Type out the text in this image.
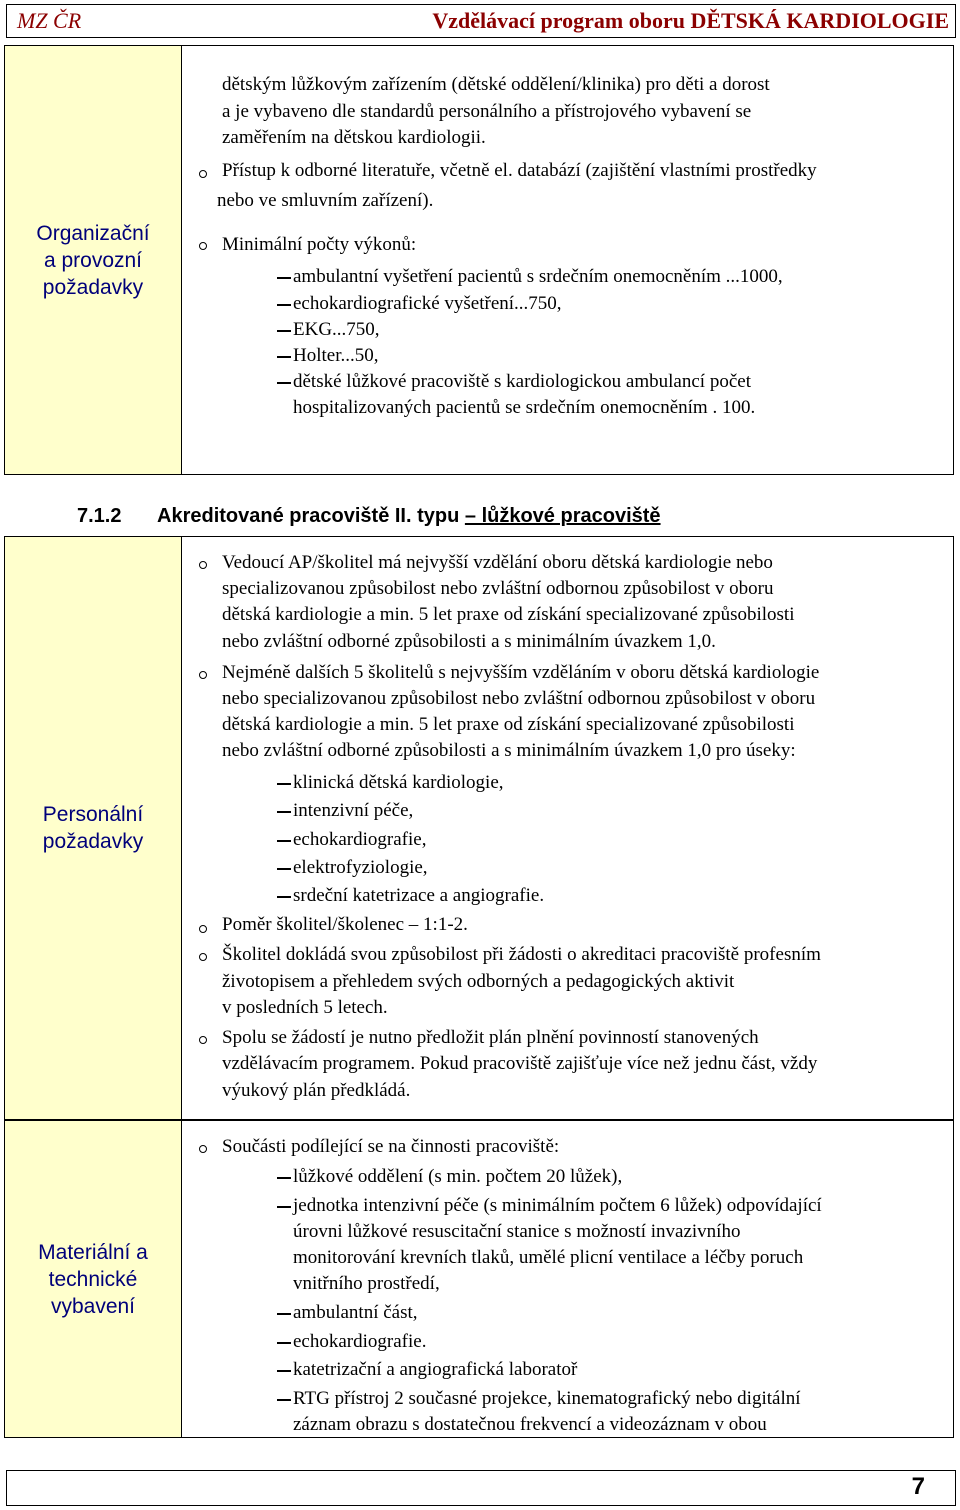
MZ ČR	Vzdělávací program oboru DĚTSKÁ KARDIOLOGIE
Organizační
a provozní
požadavky
dětským lůžkovým zařízením (dětské oddělení/klinika) pro děti a dorost
a je vybaveno dle standardů personálního a přístrojového vybavení se
zaměřením na dětskou kardiologii.
Přístup k odborné literatuře, včetně el. databází (zajištění vlastními prostředky
nebo ve smluvním zařízení).
Minimální počty výkonů:
ambulantní vyšetření pacientů s srdečním onemocněním ...1000,
echokardiografické vyšetření...750,
EKG...750,
Holter...50,
dětské lůžkové pracoviště s kardiologickou ambulancí počet
hospitalizovaných pacientů se srdečním onemocněním . 100.
7.1.2 Akreditované pracoviště II. typu – lůžkové pracoviště
Personální
požadavky
Vedoucí AP/školitel má nejvyšší vzdělání oboru dětská kardiologie nebo
specializovanou způsobilost nebo zvláštní odbornou způsobilost v oboru
dětská kardiologie a min. 5 let praxe od získání specializované způsobilosti
nebo zvláštní odborné způsobilosti a s minimálním úvazkem 1,0.
Nejméně dalších 5 školitelů s nejvyšším vzděláním v oboru dětská kardiologie
nebo specializovanou způsobilost nebo zvláštní odbornou způsobilost v oboru
dětská kardiologie a min. 5 let praxe od získání specializované způsobilosti
nebo zvláštní odborné způsobilosti a s minimálním úvazkem 1,0 pro úseky:
klinická dětská kardiologie,
intenzivní péče,
echokardiografie,
elektrofyziologie,
srdeční katetrizace a angiografie.
Poměr školitel/školenec – 1:1-2.
Školitel dokládá svou způsobilost při žádosti o akreditaci pracoviště profesním
životopisem a přehledem svých odborných a pedagogických aktivit
v posledních 5 letech.
Spolu se žádostí je nutno předložit plán plnění povinností stanovených
vzdělávacím programem. Pokud pracoviště zajišťuje více než jednu část, vždy
výukový plán předkládá.
Materiální a
technické
vybavení
Součásti podílející se na činnosti pracoviště:
lůžkové oddělení (s min. počtem 20 lůžek),
jednotka intenzivní péče (s minimálním počtem 6 lůžek) odpovídající
úrovni lůžkové resuscitační stanice s možností invazivního
monitorování krevních tlaků, umělé plicní ventilace a léčby poruch
vnitřního prostředí,
ambulantní část,
echokardiografie.
katetrizační a angiografická laboratoř
RTG přístroj 2 současné projekce, kinematografický nebo digitální
záznam obrazu s dostatečnou frekvencí a videozáznam v obou
7
